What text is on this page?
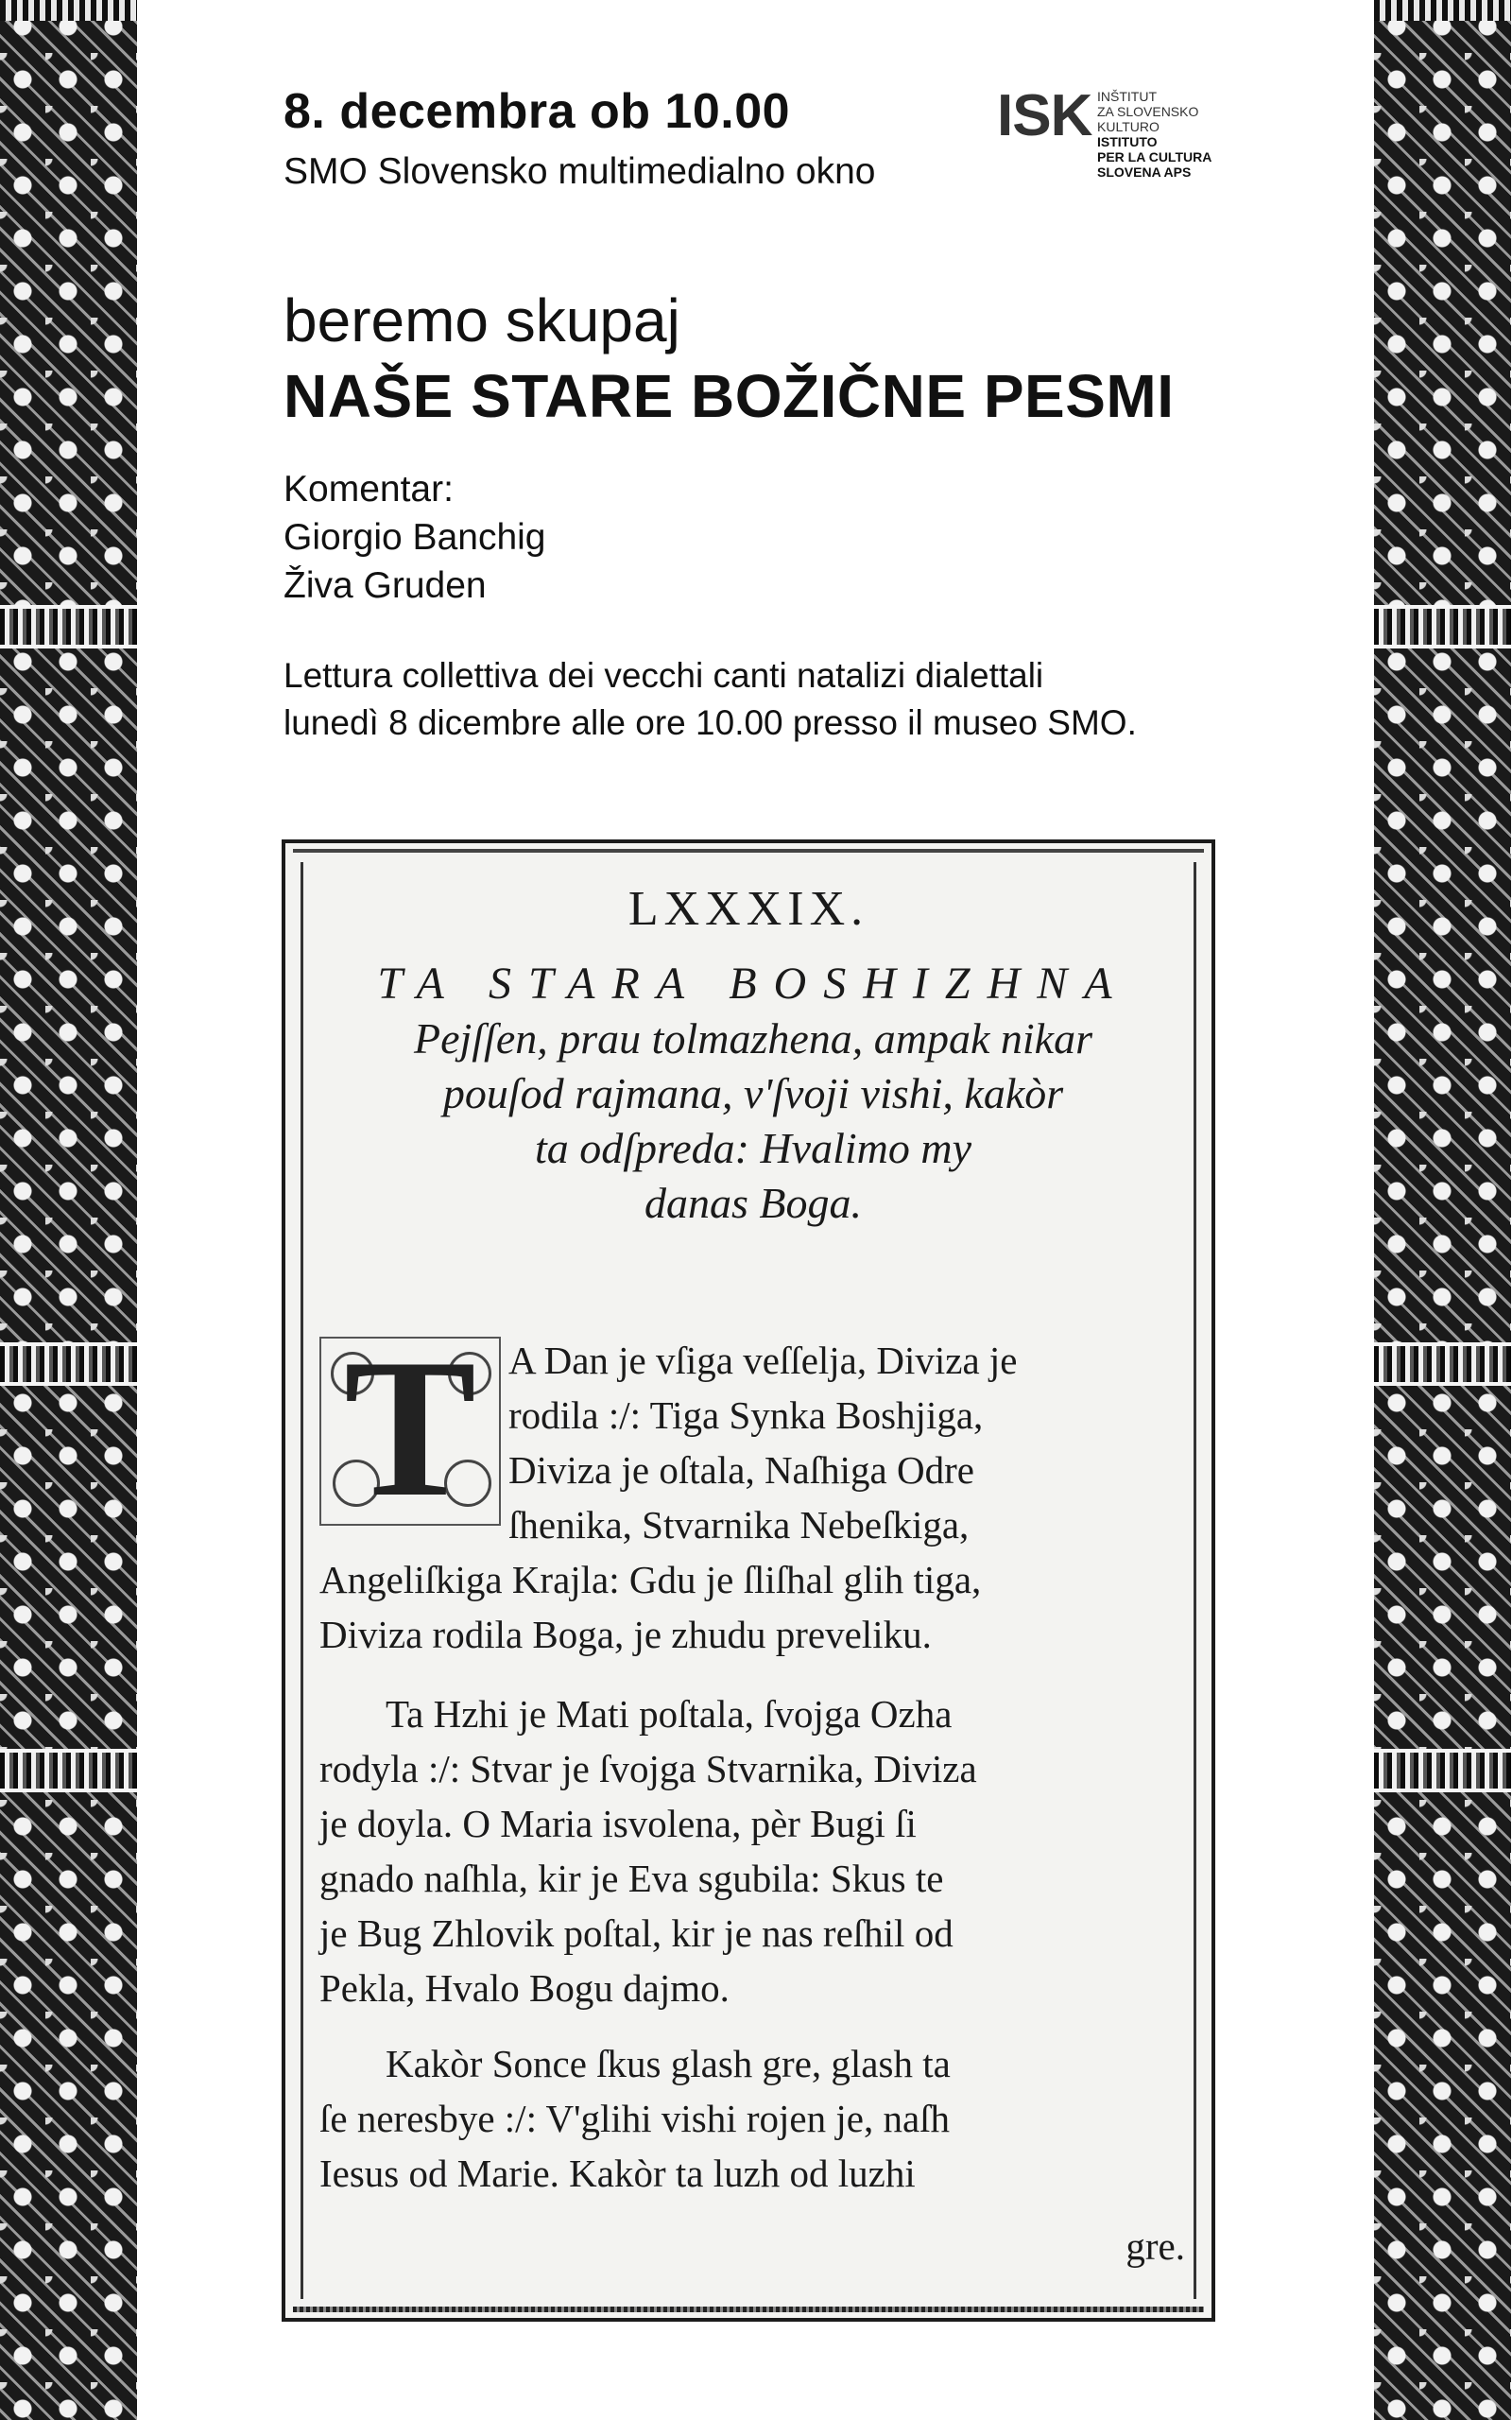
8. decembra ob 10.00

SMO Slovensko multimedialno okno

ISK INŠTITUT
ZA SLOVENSKO
KULTURO
ISTITUTO
PER LA CULTURA
SLOVENA APS
beremo skupaj
NAŠE STARE BOŽIČNE PESMI
Komentar:
Giorgio Banchig
Živa Gruden
Lettura collettiva dei vecchi canti natalizi dialettali
lunedì 8 dicembre alle ore 10.00 presso il museo SMO.

LXXXIX.

TA STARA BOSHIZHNA
Pejſſen, prau tolmazhena, ampak nikar
pouſod rajmana, v'ſvoji vishi, kakòr
ta odſpreda: Hvalimo my
danas Boga.
T A Dan je vſiga veſſelja, Diviza je
rodila :/: Tiga Synka Boshjiga,
Diviza je oſtala, Naſhiga Odre
ſhenika, Stvarnika Nebeſkiga,
Angeliſkiga Krajla: Gdu je ſliſhal glih tiga,
Diviza rodila Boga, je zhudu preveliku.
Ta Hzhi je Mati poſtala, ſvojga Ozha
rodyla :/: Stvar je ſvojga Stvarnika, Diviza
je doyla. O Maria isvolena, pèr Bugi ſi
gnado naſhla, kir je Eva sgubila: Skus te
je Bug Zhlovik poſtal, kir je nas reſhil od
Pekla, Hvalo Bogu dajmo.
Kakòr Sonce ſkus glash gre, glash ta
ſe neresbye :/: V'glihi vishi rojen je, naſh
Iesus od Marie. Kakòr ta luzh od luzhi
gre.
